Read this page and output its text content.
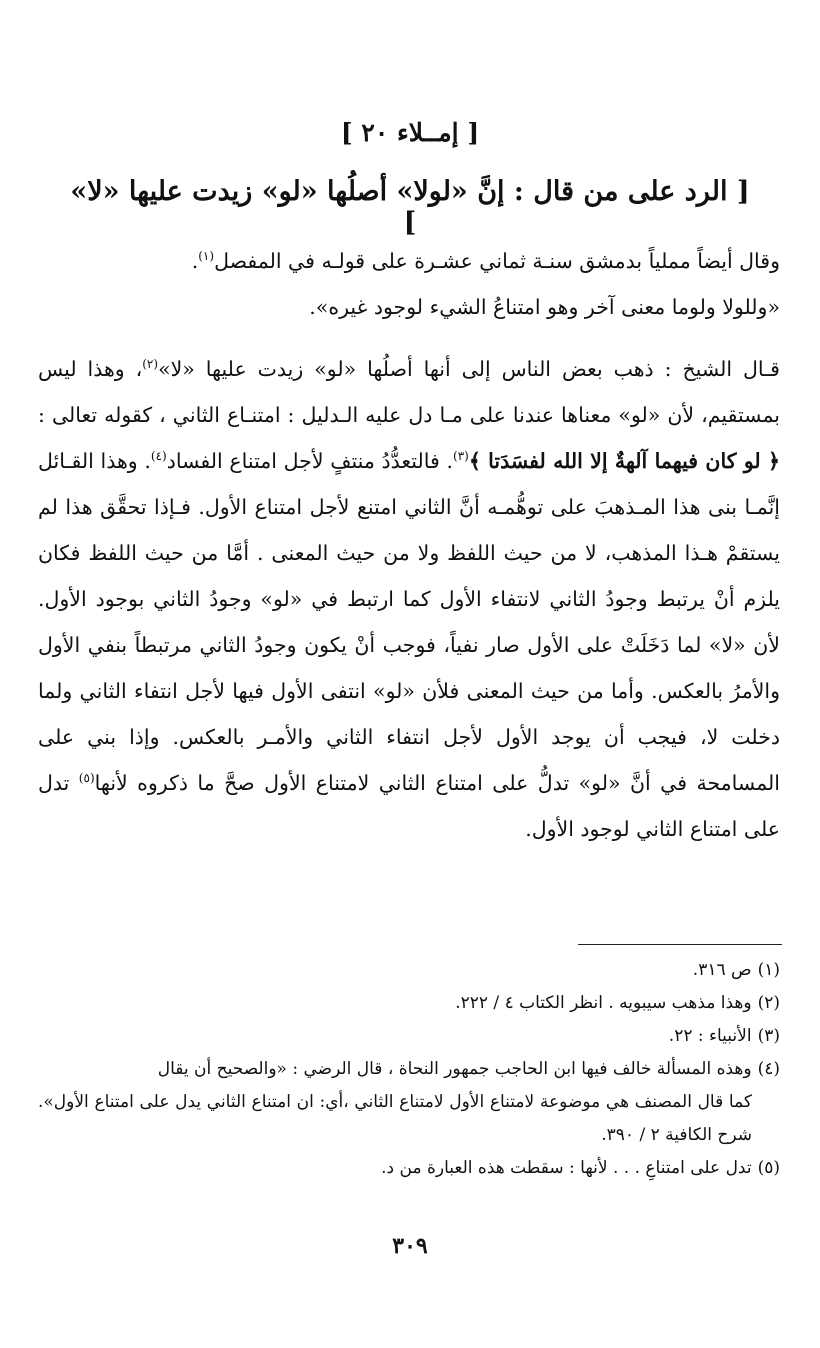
[ إمــلاء ٢٠ ]
[ الرد على من قال : إنَّ «لولا» أصلُها «لو» زيدت عليها «لا» ]
وقال أيضاً مملياً بدمشق سنـة ثماني عشـرة على قولـه في المفصل$^{(١)}$.
«وللولا ولوما معنى آخر وهو امتناعُ الشيء لوجود غيره».
قـال الشيخ : ذهب بعض الناس إلى أنها أصلُها «لو» زيدت عليها «لا»$^{(٢)}$، وهذا ليس بمستقيم، لأن «لو» معناها عندنا على مـا دل عليه الـدليل : امتنـاع الثاني ، كقوله تعالى : ﴿ لو كان فيهما آلهةٌ إلا الله لفسَدَتا ﴾$^{(٣)}$. فالتعدُّدُ منتفٍ لأجل امتناع الفساد$^{(٤)}$. وهذا القـائل إنَّمـا بنى هذا المـذهبَ على توهُّمـه أنَّ الثاني امتنع لأجل امتناع الأول. فـإذا تحقَّق هذا لم يستقمْ هـذا المذهب، لا من حيث اللفظ ولا من حيث المعنى . أمَّا من حيث اللفظ فكان يلزم أنْ يرتبط وجودُ الثاني لانتفاء الأول كما ارتبط في «لو» وجودُ الثاني بوجود الأول. لأن «لا» لما دَخَلَتْ على الأول صار نفياً، فوجب أنْ يكون وجودُ الثاني مرتبطاً بنفي الأول والأمرُ بالعكس. وأما من حيث المعنى فلأن «لو» انتفى الأول فيها لأجل انتفاء الثاني ولما دخلت لا، فيجب أن يوجد الأول لأجل انتفاء الثاني والأمـر بالعكس. وإذا بني على المسامحة في أنَّ «لو» تدلُّ على امتناع الثاني لامتناع الأول صحَّ ما ذكروه لأنها$^{(٥)}$ تدل على امتناع الثاني لوجود الأول.
(١)ص ٣١٦.
(٢)وهذا مذهب سيبويه . انظر الكتاب ٤ / ٢٢٢.
(٣)الأنبياء : ٢٢.
(٤)وهذه المسألة خالف فيها ابن الحاجب جمهور النحاة ، قال الرضي : «والصحيح أن يقال
كما قال المصنف هي موضوعة لامتناع الأول لامتناع الثاني ،أي: ان امتناع الثاني يدل على امتناع الأول». شرح الكافية ٢ / ٣٩٠.
(٥)تدل على امتناعِ . . . لأنها : سقطت هذه العبارة من د.
٣٠٩
